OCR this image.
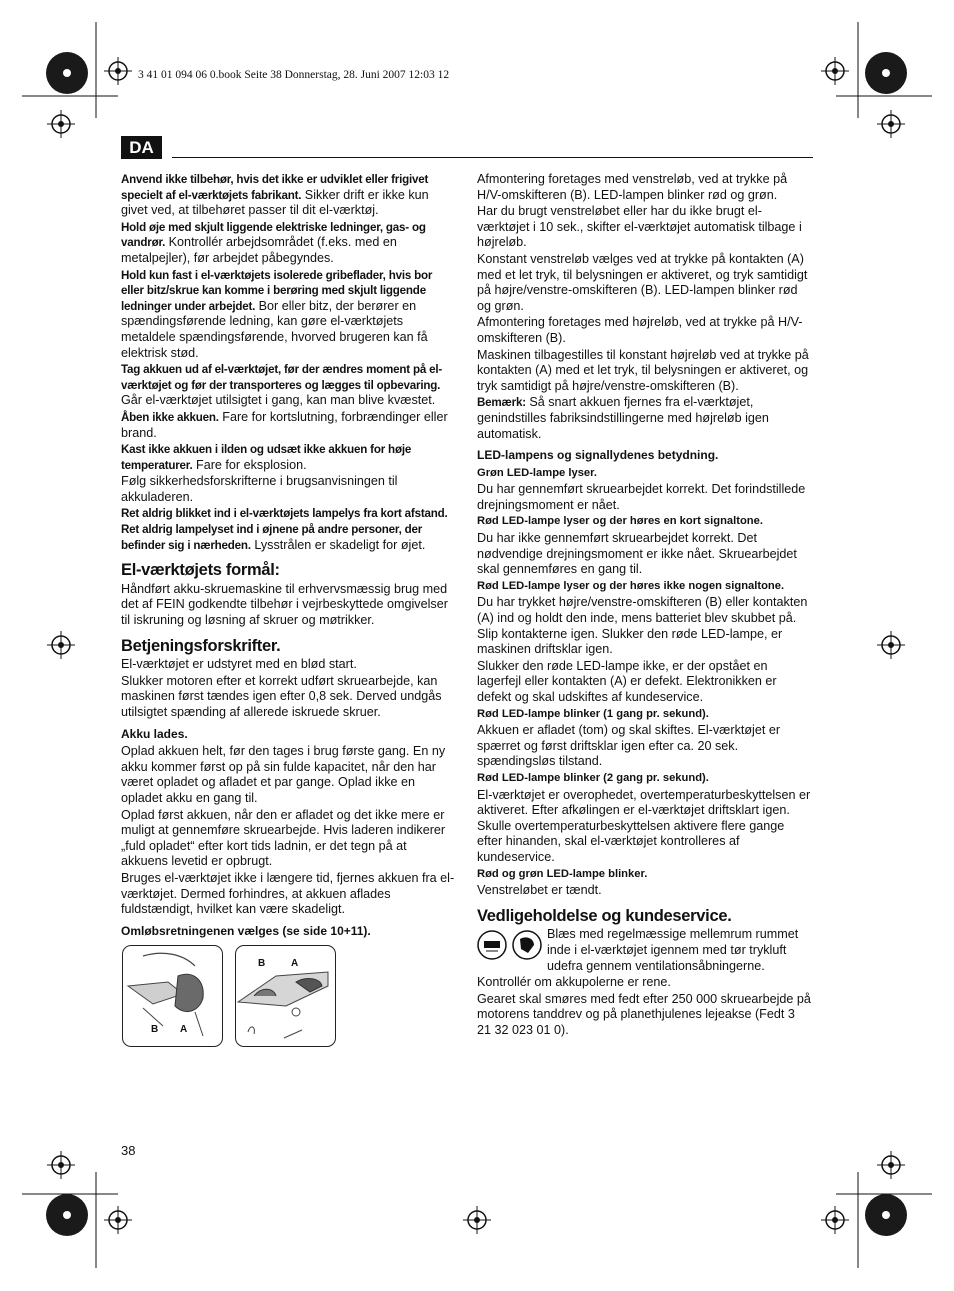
3 41 01 094 06 0.book Seite 38 Donnerstag, 28. Juni 2007 12:03 12
DA

Anvend ikke tilbehør, hvis det ikke er udviklet eller frigivet specielt af el-værktøjets fabrikant. Sikker drift er ikke kun givet ved, at tilbehøret passer til dit el-værktøj.

Hold øje med skjult liggende elektriske ledninger, gas- og vandrør. Kontrollér arbejdsområdet (f.eks. med en metalpejler), før arbejdet påbegyndes.

Hold kun fast i el-værktøjets isolerede gribeflader, hvis bor eller bitz/skrue kan komme i berøring med skjult liggende ledninger under arbejdet. Bor eller bitz, der berører en spændingsførende ledning, kan gøre el-værktøjets metaldele spændingsførende, hvorved brugeren kan få elektrisk stød.

Tag akkuen ud af el-værktøjet, før der ændres moment på el-værktøjet og før der transporteres og lægges til opbevaring. Går el-værktøjet utilsigtet i gang, kan man blive kvæstet.

Åben ikke akkuen. Fare for kortslutning, forbrændinger eller brand.

Kast ikke akkuen i ilden og udsæt ikke akkuen for høje temperaturer. Fare for eksplosion.

Følg sikkerhedsforskrifterne i brugsanvisningen til akkuladeren.

Ret aldrig blikket ind i el-værktøjets lampelys fra kort afstand. Ret aldrig lampelyset ind i øjnene på andre personer, der befinder sig i nærheden. Lysstrålen er skadeligt for øjet.

El-værktøjets formål:

Håndført akku-skruemaskine til erhvervsmæssig brug med det af FEIN godkendte tilbehør i vejrbeskyttede omgivelser til iskruning og løsning af skruer og møtrikker.

Betjeningsforskrifter.

El-værktøjet er udstyret med en blød start.

Slukker motoren efter et korrekt udført skruearbejde, kan maskinen først tændes igen efter 0,8 sek. Derved undgås utilsigtet spænding af allerede iskruede skruer.

Akku lades.

Oplad akkuen helt, før den tages i brug første gang. En ny akku kommer først op på sin fulde kapacitet, når den har været opladet og afladet et par gange. Oplad ikke en opladet akku en gang til.

Oplad først akkuen, når den er afladet og det ikke mere er muligt at gennemføre skruearbejde. Hvis laderen indikerer „fuld opladet“ efter kort tids ladnin, er det tegn på at akkuens levetid er opbrugt.

Bruges el-værktøjet ikke i længere tid, fjernes akkuen fra el-værktøjet. Dermed forhindres, at akkuen aflades fuldstændigt, hvilket kan være skadeligt.

Omløbsretningenen vælges (se side 10+11).
B A
B	A

Afmontering foretages med venstreløb, ved at trykke på H/V-omskifteren (B). LED-lampen blinker rød og grøn.

Har du brugt venstreløbet eller har du ikke brugt el-værktøjet i 10 sek., skifter el-værktøjet automatisk tilbage i højreløb.

Konstant venstreløb vælges ved at trykke på kontakten (A) med et let tryk, til belysningen er aktiveret, og tryk samtidigt på højre/venstre-omskifteren (B). LED-lampen blinker rød og grøn.

Afmontering foretages med højreløb, ved at trykke på H/V-omskifteren (B).

Maskinen tilbagestilles til konstant højreløb ved at trykke på kontakten (A) med et let tryk, til belysningen er aktiveret, og tryk samtidigt på højre/venstre-omskifteren (B).

Bemærk: Så snart akkuen fjernes fra el-værktøjet, genindstilles fabriksindstillingerne med højreløb igen automatisk.

LED-lampens og signallydenes betydning.
Grøn LED-lampe lyser.

Du har gennemført skruearbejdet korrekt. Det forindstillede drejningsmoment er nået.

Rød LED-lampe lyser og der høres en kort signaltone.

Du har ikke gennemført skruearbejdet korrekt. Det nødvendige drejningsmoment er ikke nået. Skruearbejdet skal gennemføres en gang til.

Rød LED-lampe lyser og der høres ikke nogen signaltone.

Du har trykket højre/venstre-omskifteren (B) eller kontakten (A) ind og holdt den inde, mens batteriet blev skubbet på. Slip kontakterne igen. Slukker den røde LED-lampe, er maskinen driftsklar igen.

Slukker den røde LED-lampe ikke, er der opstået en lagerfejl eller kontakten (A) er defekt. Elektronikken er defekt og skal udskiftes af kundeservice.

Rød LED-lampe blinker (1 gang pr. sekund).

Akkuen er afladet (tom) og skal skiftes. El-værktøjet er spærret og først driftsklar igen efter ca. 20 sek. spændingsløs tilstand.

Rød LED-lampe blinker (2 gang pr. sekund).

El-værktøjet er overophedet, overtemperaturbeskyttelsen er aktiveret. Efter afkølingen er el-værktøjet driftsklart igen. Skulle overtemperaturbeskyttelsen aktivere flere gange efter hinanden, skal el-værktøjet kontrolleres af kundeservice.

Rød og grøn LED-lampe blinker.

Venstreløbet er tændt.

Vedligeholdelse og kundeservice.

Blæs med regelmæssige mellemrum rummet inde i el-værktøjet igennem med tør trykluft udefra gennem ventilationsåbningerne.

Kontrollér om akkupolerne er rene.

Gearet skal smøres med fedt efter 250 000 skruearbejde på motorens tanddrev og på planethjulenes lejeakse (Fedt 3 21 32 023 01 0).

38
